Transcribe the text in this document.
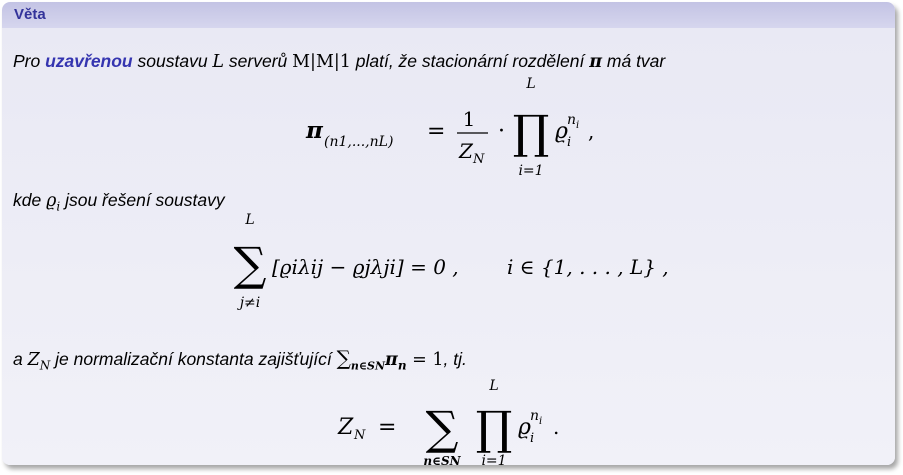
Věta
Pro uzavřenou soustavu L serverů M|M|1 platí, že stacionární rozdělení π má tvar
π (n1,...,nL) = 1
Z N
·
L
∏
i=1
ϱ i
n i ,
L
∑
j≠i
[ϱiλij − ϱjλji] = 0 , i ∈ {1, . . . , L} ,
Z N = ∑
n∈SN
L
∏
i=1
ϱ i
n i .
kde $ϱ_i$ jsou řešení soustavy
a $Z_N$ je normalizační konstanta zajišťující $\sum_{n\in SN}\pi_n = 1$, tj.
